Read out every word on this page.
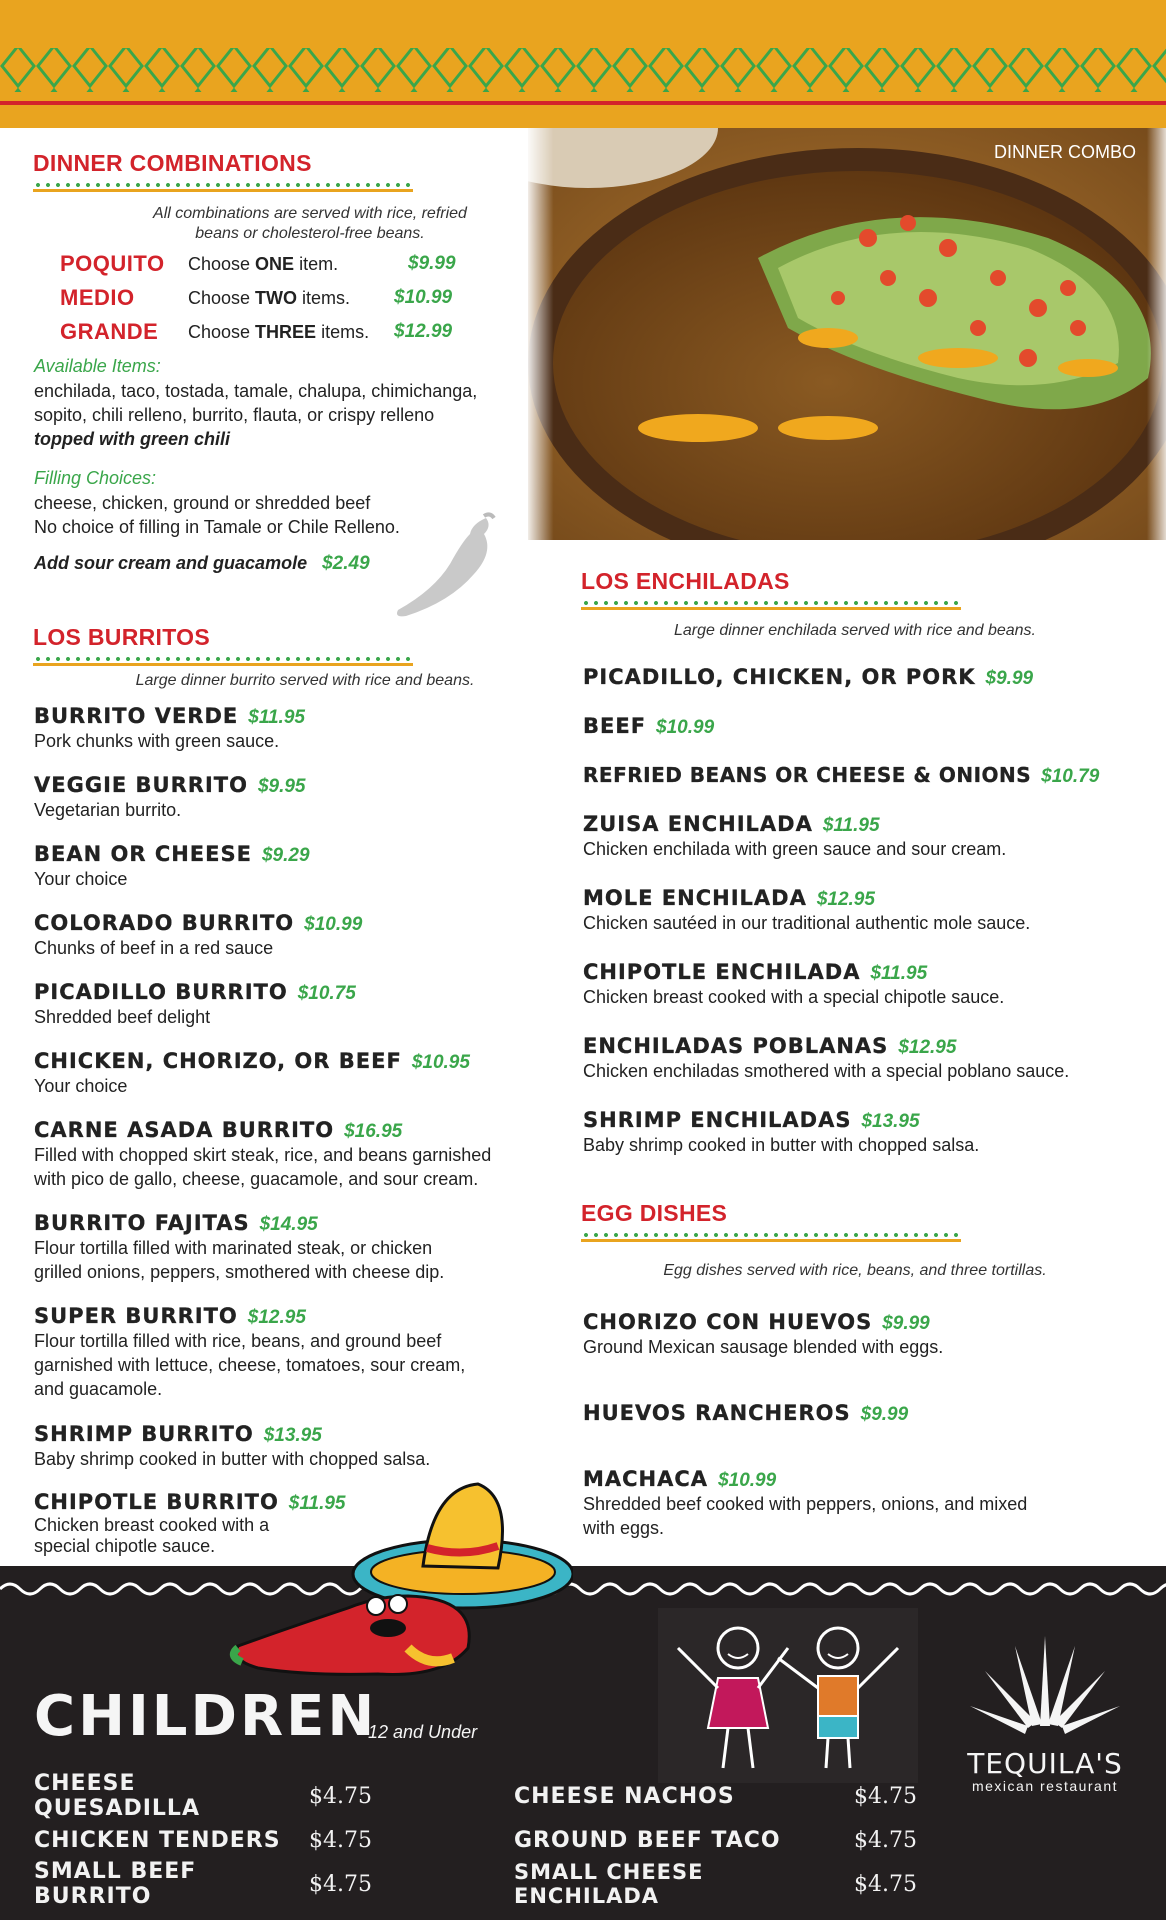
DINNER COMBO
DINNER COMBINATIONS
All combinations are served with rice, refried
beans or cholesterol-free beans.
POQUITO	Choose ONE item.	$9.99
MEDIO	Choose TWO items.	$10.99
GRANDE	Choose THREE items.	$12.99
Available Items:
enchilada, taco, tostada, tamale, chalupa, chimichanga,
sopito, chili relleno, burrito, flauta, or crispy relleno
topped with green chili
Filling Choices:
cheese, chicken, ground or shredded beef
No choice of filling in Tamale or Chile Relleno.
Add sour cream and guacamole $2.49
LOS BURRITOS
Large dinner burrito served with rice and beans.
BURRITO VERDE $11.95
Pork chunks with green sauce.
VEGGIE BURRITO $9.95
Vegetarian burrito.
BEAN OR CHEESE $9.29
Your choice
COLORADO BURRITO $10.99
Chunks of beef in a red sauce
PICADILLO BURRITO $10.75
Shredded beef delight
CHICKEN, CHORIZO, OR BEEF $10.95
Your choice
CARNE ASADA BURRITO $16.95
Filled with chopped skirt steak, rice, and beans garnished
with pico de gallo, cheese, guacamole, and sour cream.
BURRITO FAJITAS $14.95
Flour tortilla filled with marinated steak, or chicken
grilled onions, peppers, smothered with cheese dip.
SUPER BURRITO $12.95
Flour tortilla filled with rice, beans, and ground beef
garnished with lettuce, cheese, tomatoes, sour cream,
and guacamole.
SHRIMP BURRITO $13.95
Baby shrimp cooked in butter with chopped salsa.
CHIPOTLE BURRITO $11.95
Chicken breast cooked with a
special chipotle sauce.
LOS ENCHILADAS
Large dinner enchilada served with rice and beans.
PICADILLO, CHICKEN, OR PORK $9.99
BEEF $10.99
REFRIED BEANS OR CHEESE & ONIONS $10.79
ZUISA ENCHILADA $11.95
Chicken enchilada with green sauce and sour cream.
MOLE ENCHILADA $12.95
Chicken sautéed in our traditional authentic mole sauce.
CHIPOTLE ENCHILADA $11.95
Chicken breast cooked with a special chipotle sauce.
ENCHILADAS POBLANAS $12.95
Chicken enchiladas smothered with a special poblano sauce.
SHRIMP ENCHILADAS $13.95
Baby shrimp cooked in butter with chopped salsa.
EGG DISHES
Egg dishes served with rice, beans, and three tortillas.
CHORIZO CON HUEVOS $9.99
Ground Mexican sausage blended with eggs.
HUEVOS RANCHEROS $9.99
MACHACA $10.99
Shredded beef cooked with peppers, onions, and mixed
with eggs.
CHILDREN
12 and Under
CHEESE QUESADILLA	$4.75
CHICKEN TENDERS	$4.75
SMALL BEEF BURRITO	$4.75
CHEESE NACHOS	$4.75
GROUND BEEF TACO	$4.75
SMALL CHEESE ENCHILADA	$4.75
TEQUILA'S
mexican restaurant
